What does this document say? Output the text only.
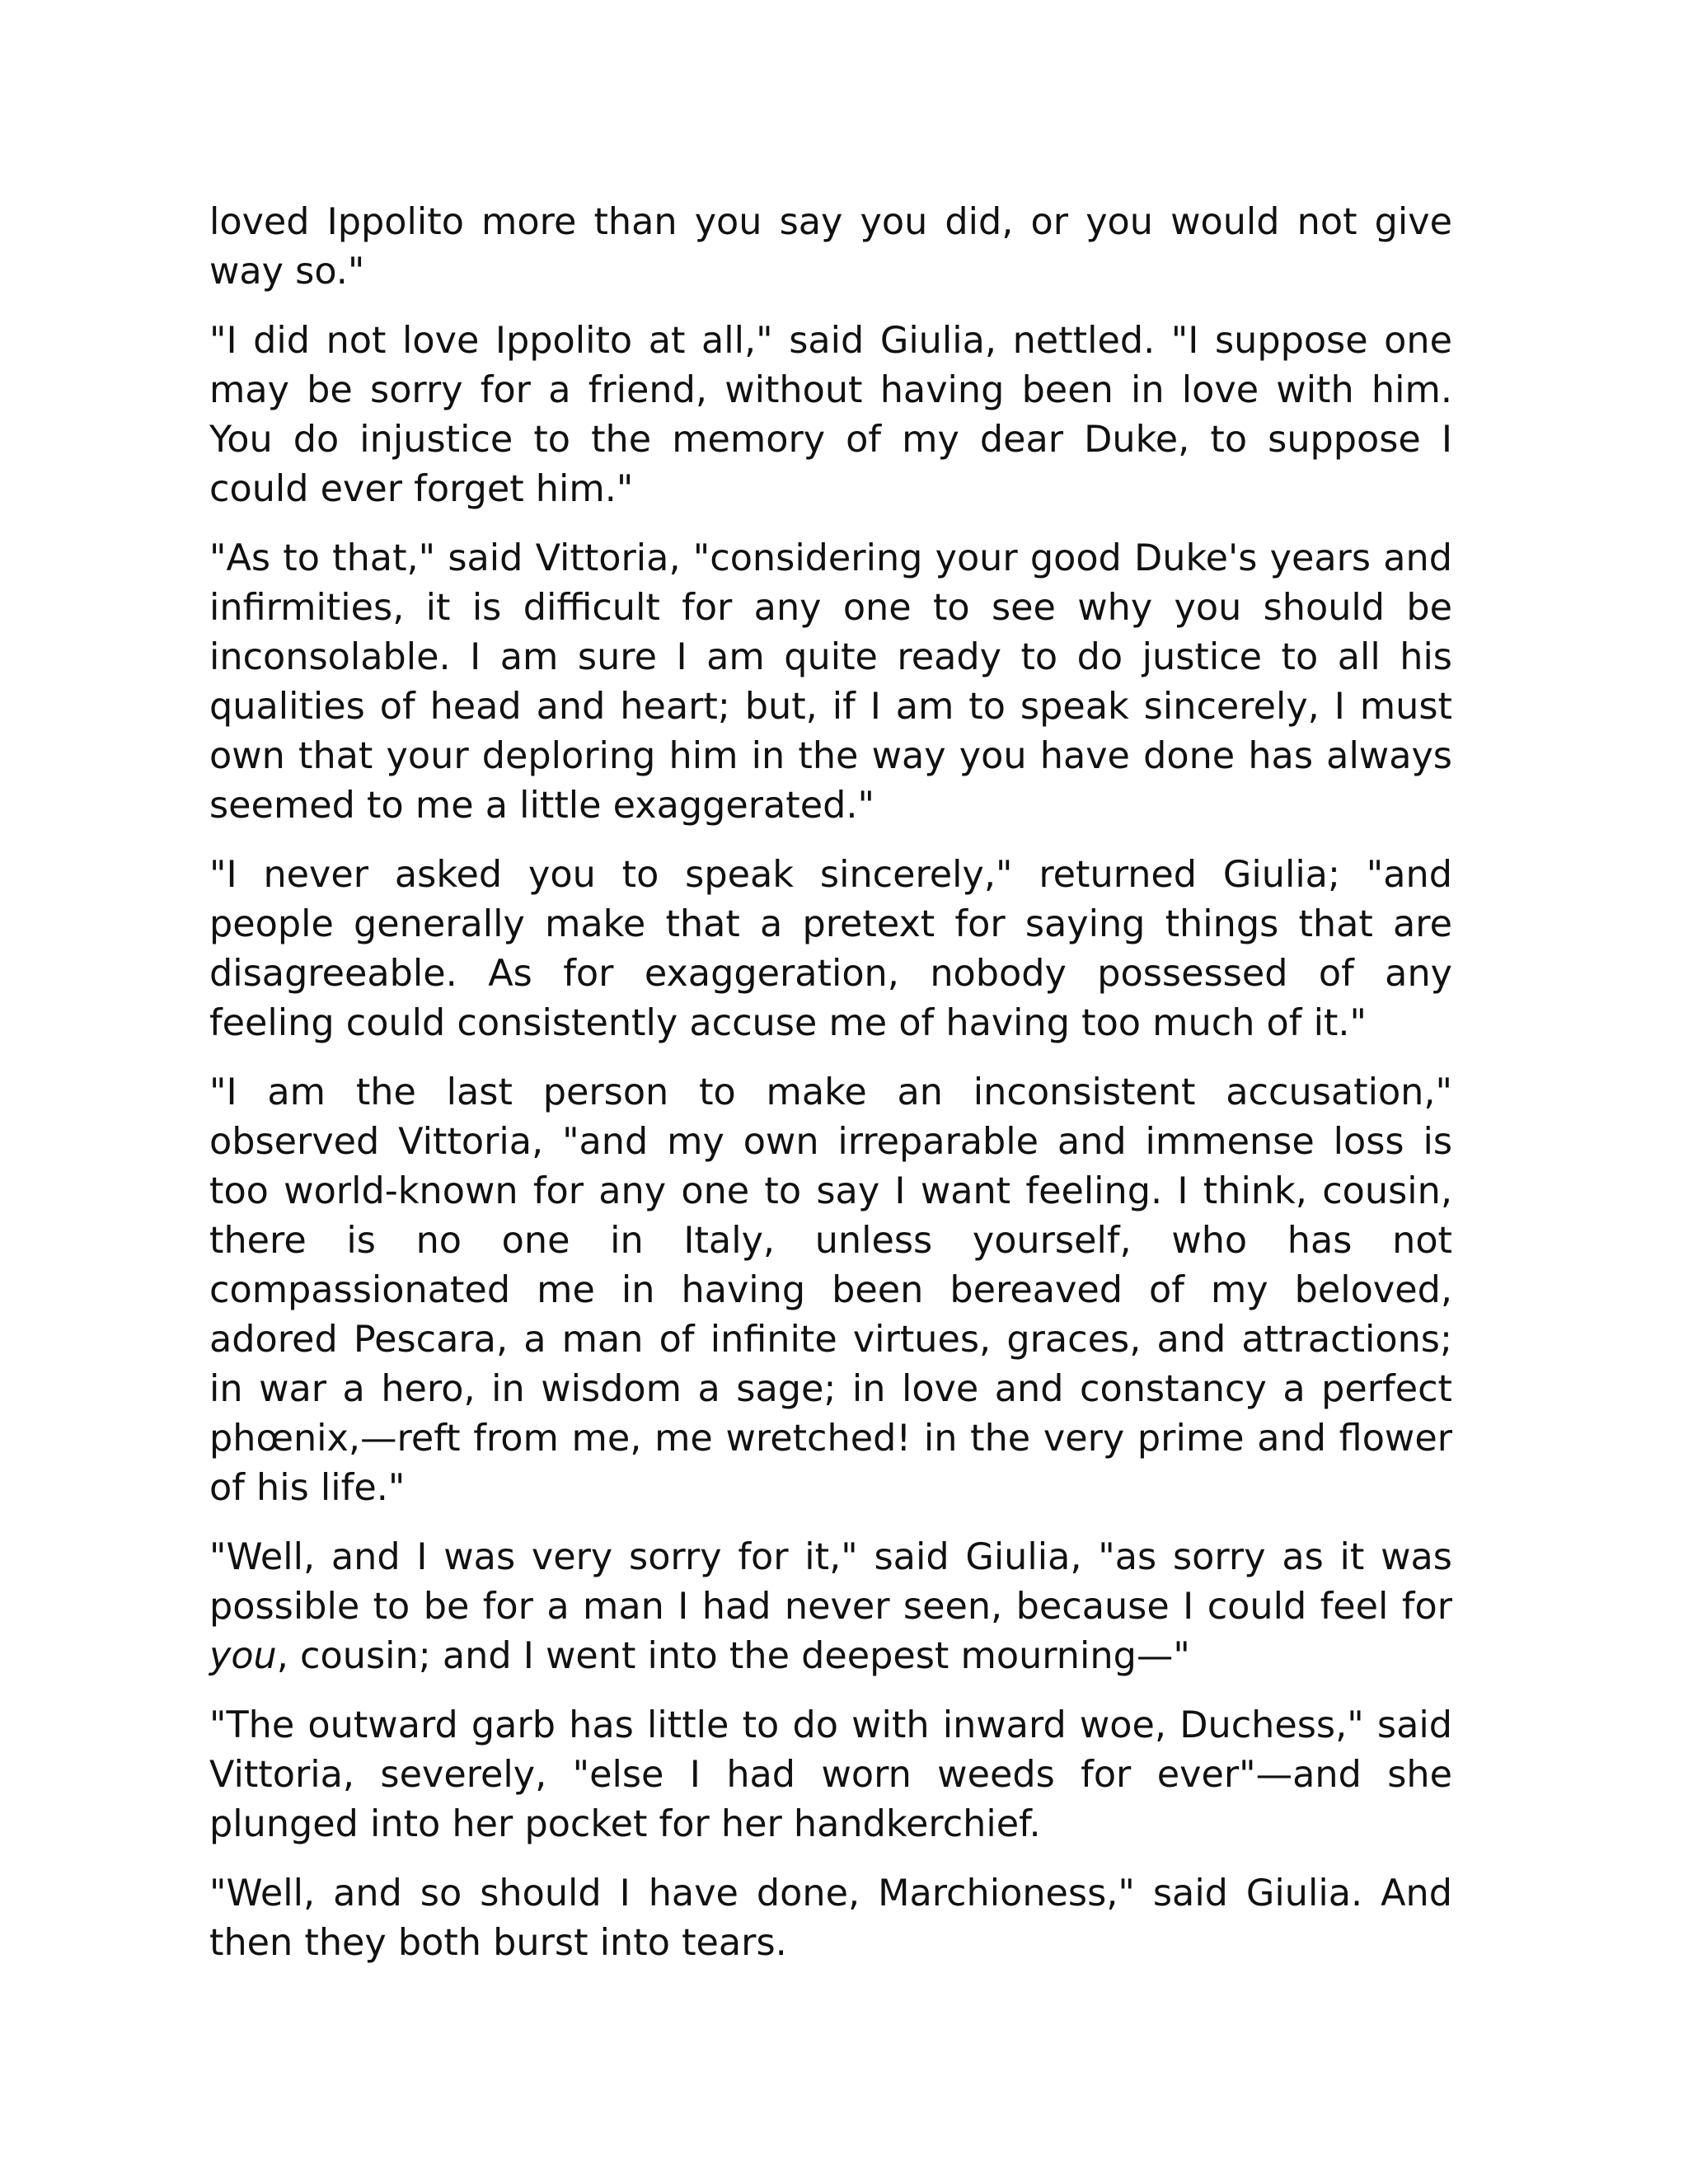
loved Ippolito more than you say you did, or you would not give way so."

"I did not love Ippolito at all," said Giulia, nettled. "I suppose one may be sorry for a friend, without having been in love with him. You do injustice to the memory of my dear Duke, to suppose I could ever forget him."

"As to that," said Vittoria, "considering your good Duke's years and infirmities, it is difficult for any one to see why you should be inconsolable. I am sure I am quite ready to do justice to all his qualities of head and heart; but, if I am to speak sincerely, I must own that your deploring him in the way you have done has always seemed to me a little exaggerated."

"I never asked you to speak sincerely," returned Giulia; "and people generally make that a pretext for saying things that are disagreeable. As for exaggeration, nobody possessed of any feeling could consistently accuse me of having too much of it."

"I am the last person to make an inconsistent accusation," observed Vittoria, "and my own irreparable and immense loss is too world-known for any one to say I want feeling. I think, cousin, there is no one in Italy, unless yourself, who has not compassionated me in having been bereaved of my beloved, adored Pescara, a man of infinite virtues, graces, and attractions; in war a hero, in wisdom a sage; in love and constancy a perfect phœnix,—reft from me, me wretched! in the very prime and flower of his life."

"Well, and I was very sorry for it," said Giulia, "as sorry as it was possible to be for a man I had never seen, because I could feel for you, cousin; and I went into the deepest mourning—"

"The outward garb has little to do with inward woe, Duchess," said Vittoria, severely, "else I had worn weeds for ever"—and she plunged into her pocket for her handkerchief.

"Well, and so should I have done, Marchioness," said Giulia. And then they both burst into tears.
